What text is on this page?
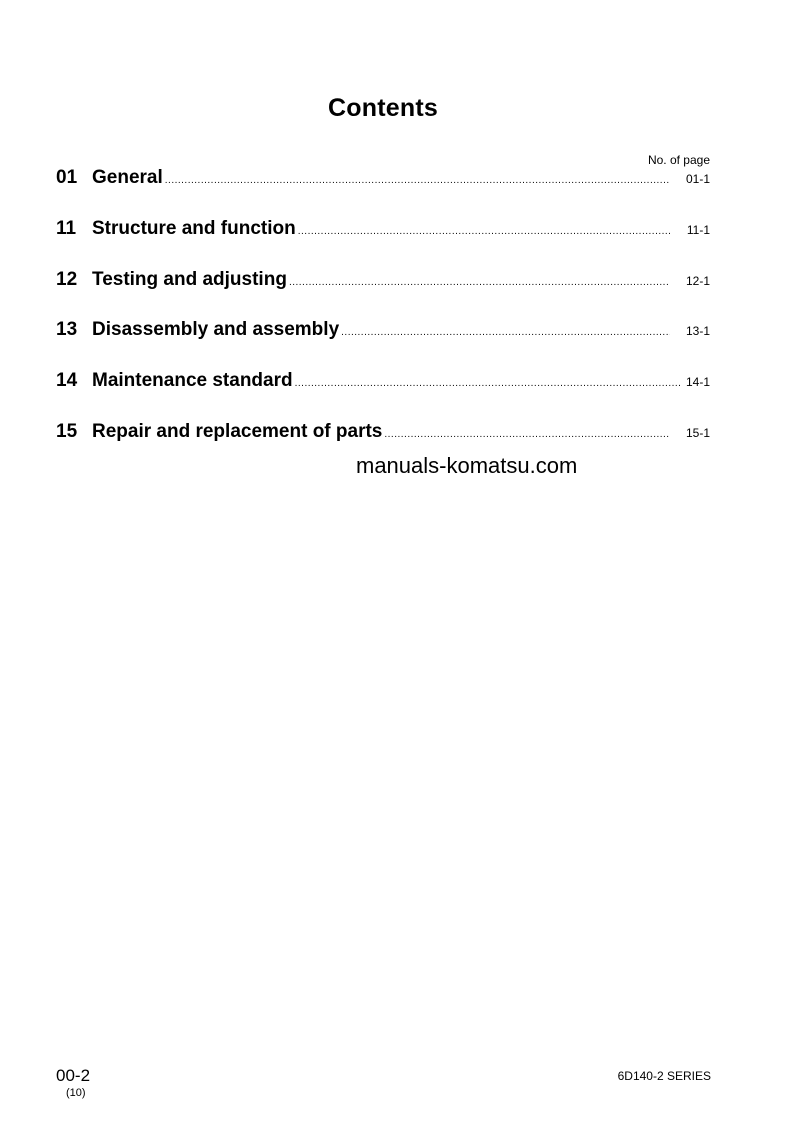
Contents
No. of page
01 General .....	01-1
11 Structure and function .....	11-1
12 Testing and adjusting .....	12-1
13 Disassembly and assembly .....	13-1
14 Maintenance standard .....	14-1
15 Repair and replacement of parts .....	15-1
manuals-komatsu.com
00-2
(10)
6D140-2 SERIES
